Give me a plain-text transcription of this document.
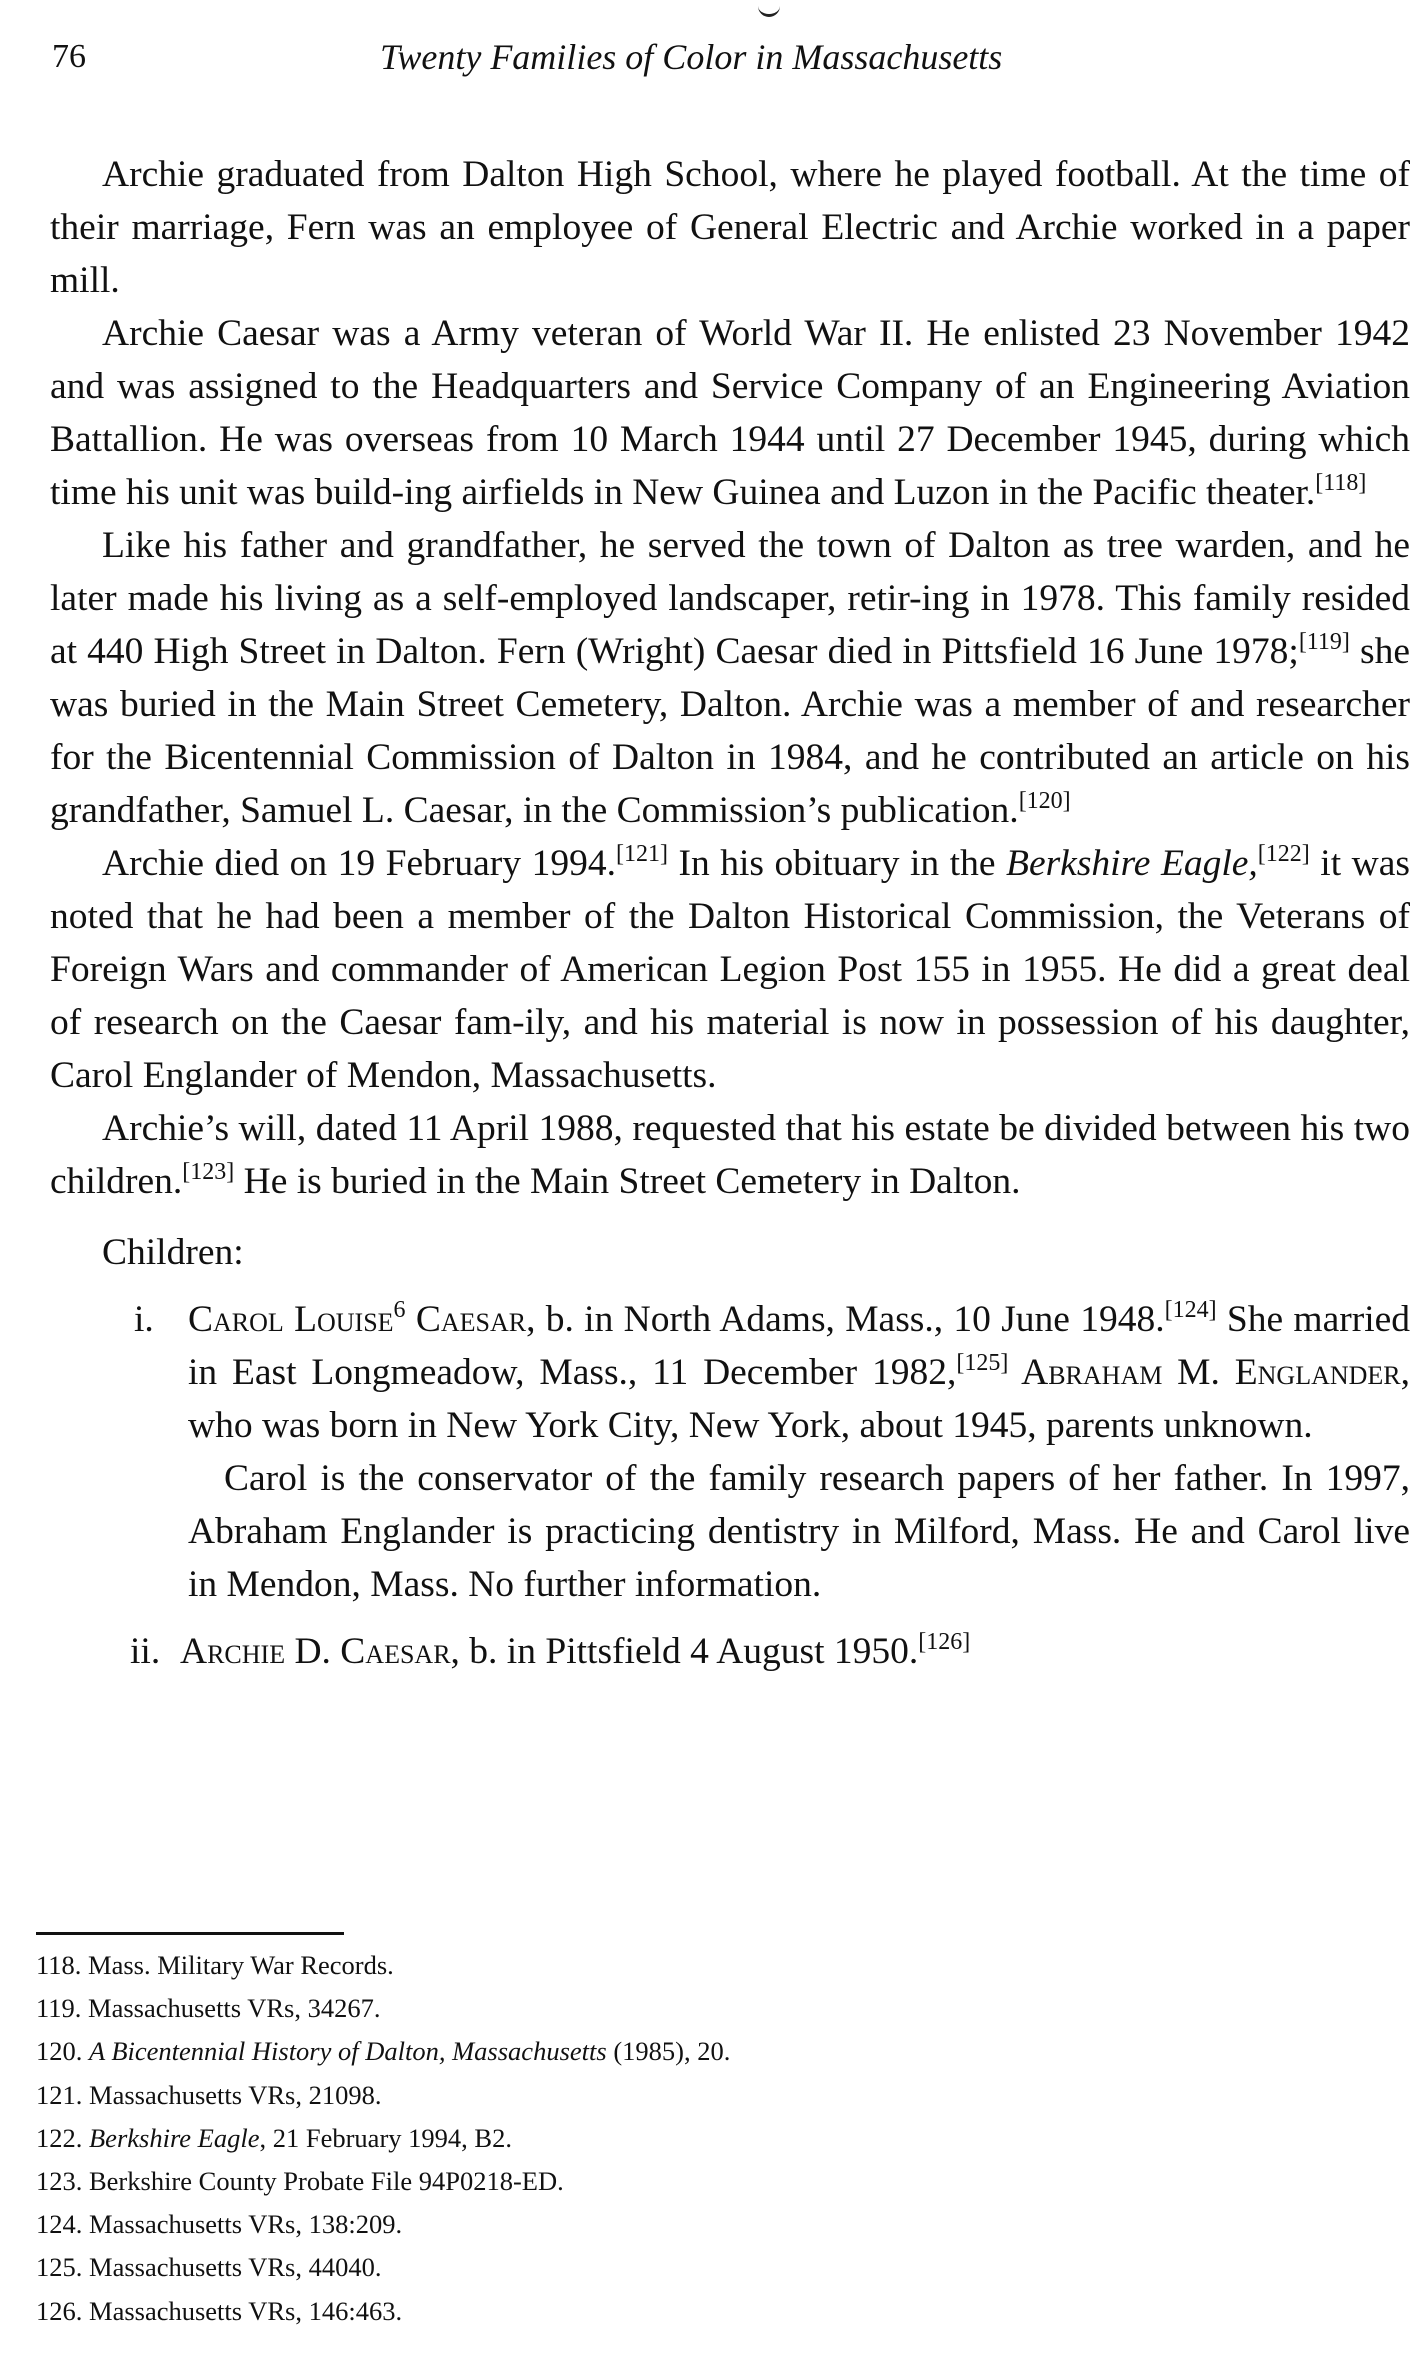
76	Twenty Families of Color in Massachusetts

Archie graduated from Dalton High School, where he played football. At the time of their marriage, Fern was an employee of General Electric and Archie worked in a paper mill.

Archie Caesar was a Army veteran of World War II. He enlisted 23 November 1942 and was assigned to the Headquarters and Service Company of an Engineering Aviation Battallion. He was overseas from 10 March 1944 until 27 December 1945, during which time his unit was build-ing airfields in New Guinea and Luzon in the Pacific theater.[118]

Like his father and grandfather, he served the town of Dalton as tree warden, and he later made his living as a self-employed landscaper, retir-ing in 1978. This family resided at 440 High Street in Dalton. Fern (Wright) Caesar died in Pittsfield 16 June 1978;[119] she was buried in the Main Street Cemetery, Dalton. Archie was a member of and researcher for the Bicentennial Commission of Dalton in 1984, and he contributed an article on his grandfather, Samuel L. Caesar, in the Commission’s publication.[120]

Archie died on 19 February 1994.[121] In his obituary in the Berkshire Eagle,[122] it was noted that he had been a member of the Dalton Historical Commission, the Veterans of Foreign Wars and commander of American Legion Post 155 in 1955. He did a great deal of research on the Caesar fam-ily, and his material is now in possession of his daughter, Carol Englander of Mendon, Massachusetts.

Archie’s will, dated 11 April 1988, requested that his estate be divided between his two children.[123] He is buried in the Main Street Cemetery in Dalton.

Children:
i. Carol Louise$^6$ Caesar, b. in North Adams, Mass., 10 June 1948.[124] She married in East Longmeadow, Mass., 11 December 1982,[125] Abraham M. Englander, who was born in New York City, New York, about 1945, parents unknown.

Carol is the conservator of the family research papers of her father. In 1997, Abraham Englander is practicing dentistry in Milford, Mass. He and Carol live in Mendon, Mass. No further information.

ii. Archie D. Caesar, b. in Pittsfield 4 August 1950.[126]
118. Mass. Military War Records.
119. Massachusetts VRs, 34267.
120. A Bicentennial History of Dalton, Massachusetts (1985), 20.
121. Massachusetts VRs, 21098.
122. Berkshire Eagle, 21 February 1994, B2.
123. Berkshire County Probate File 94P0218-ED.
124. Massachusetts VRs, 138:209.
125. Massachusetts VRs, 44040.
126. Massachusetts VRs, 146:463.
